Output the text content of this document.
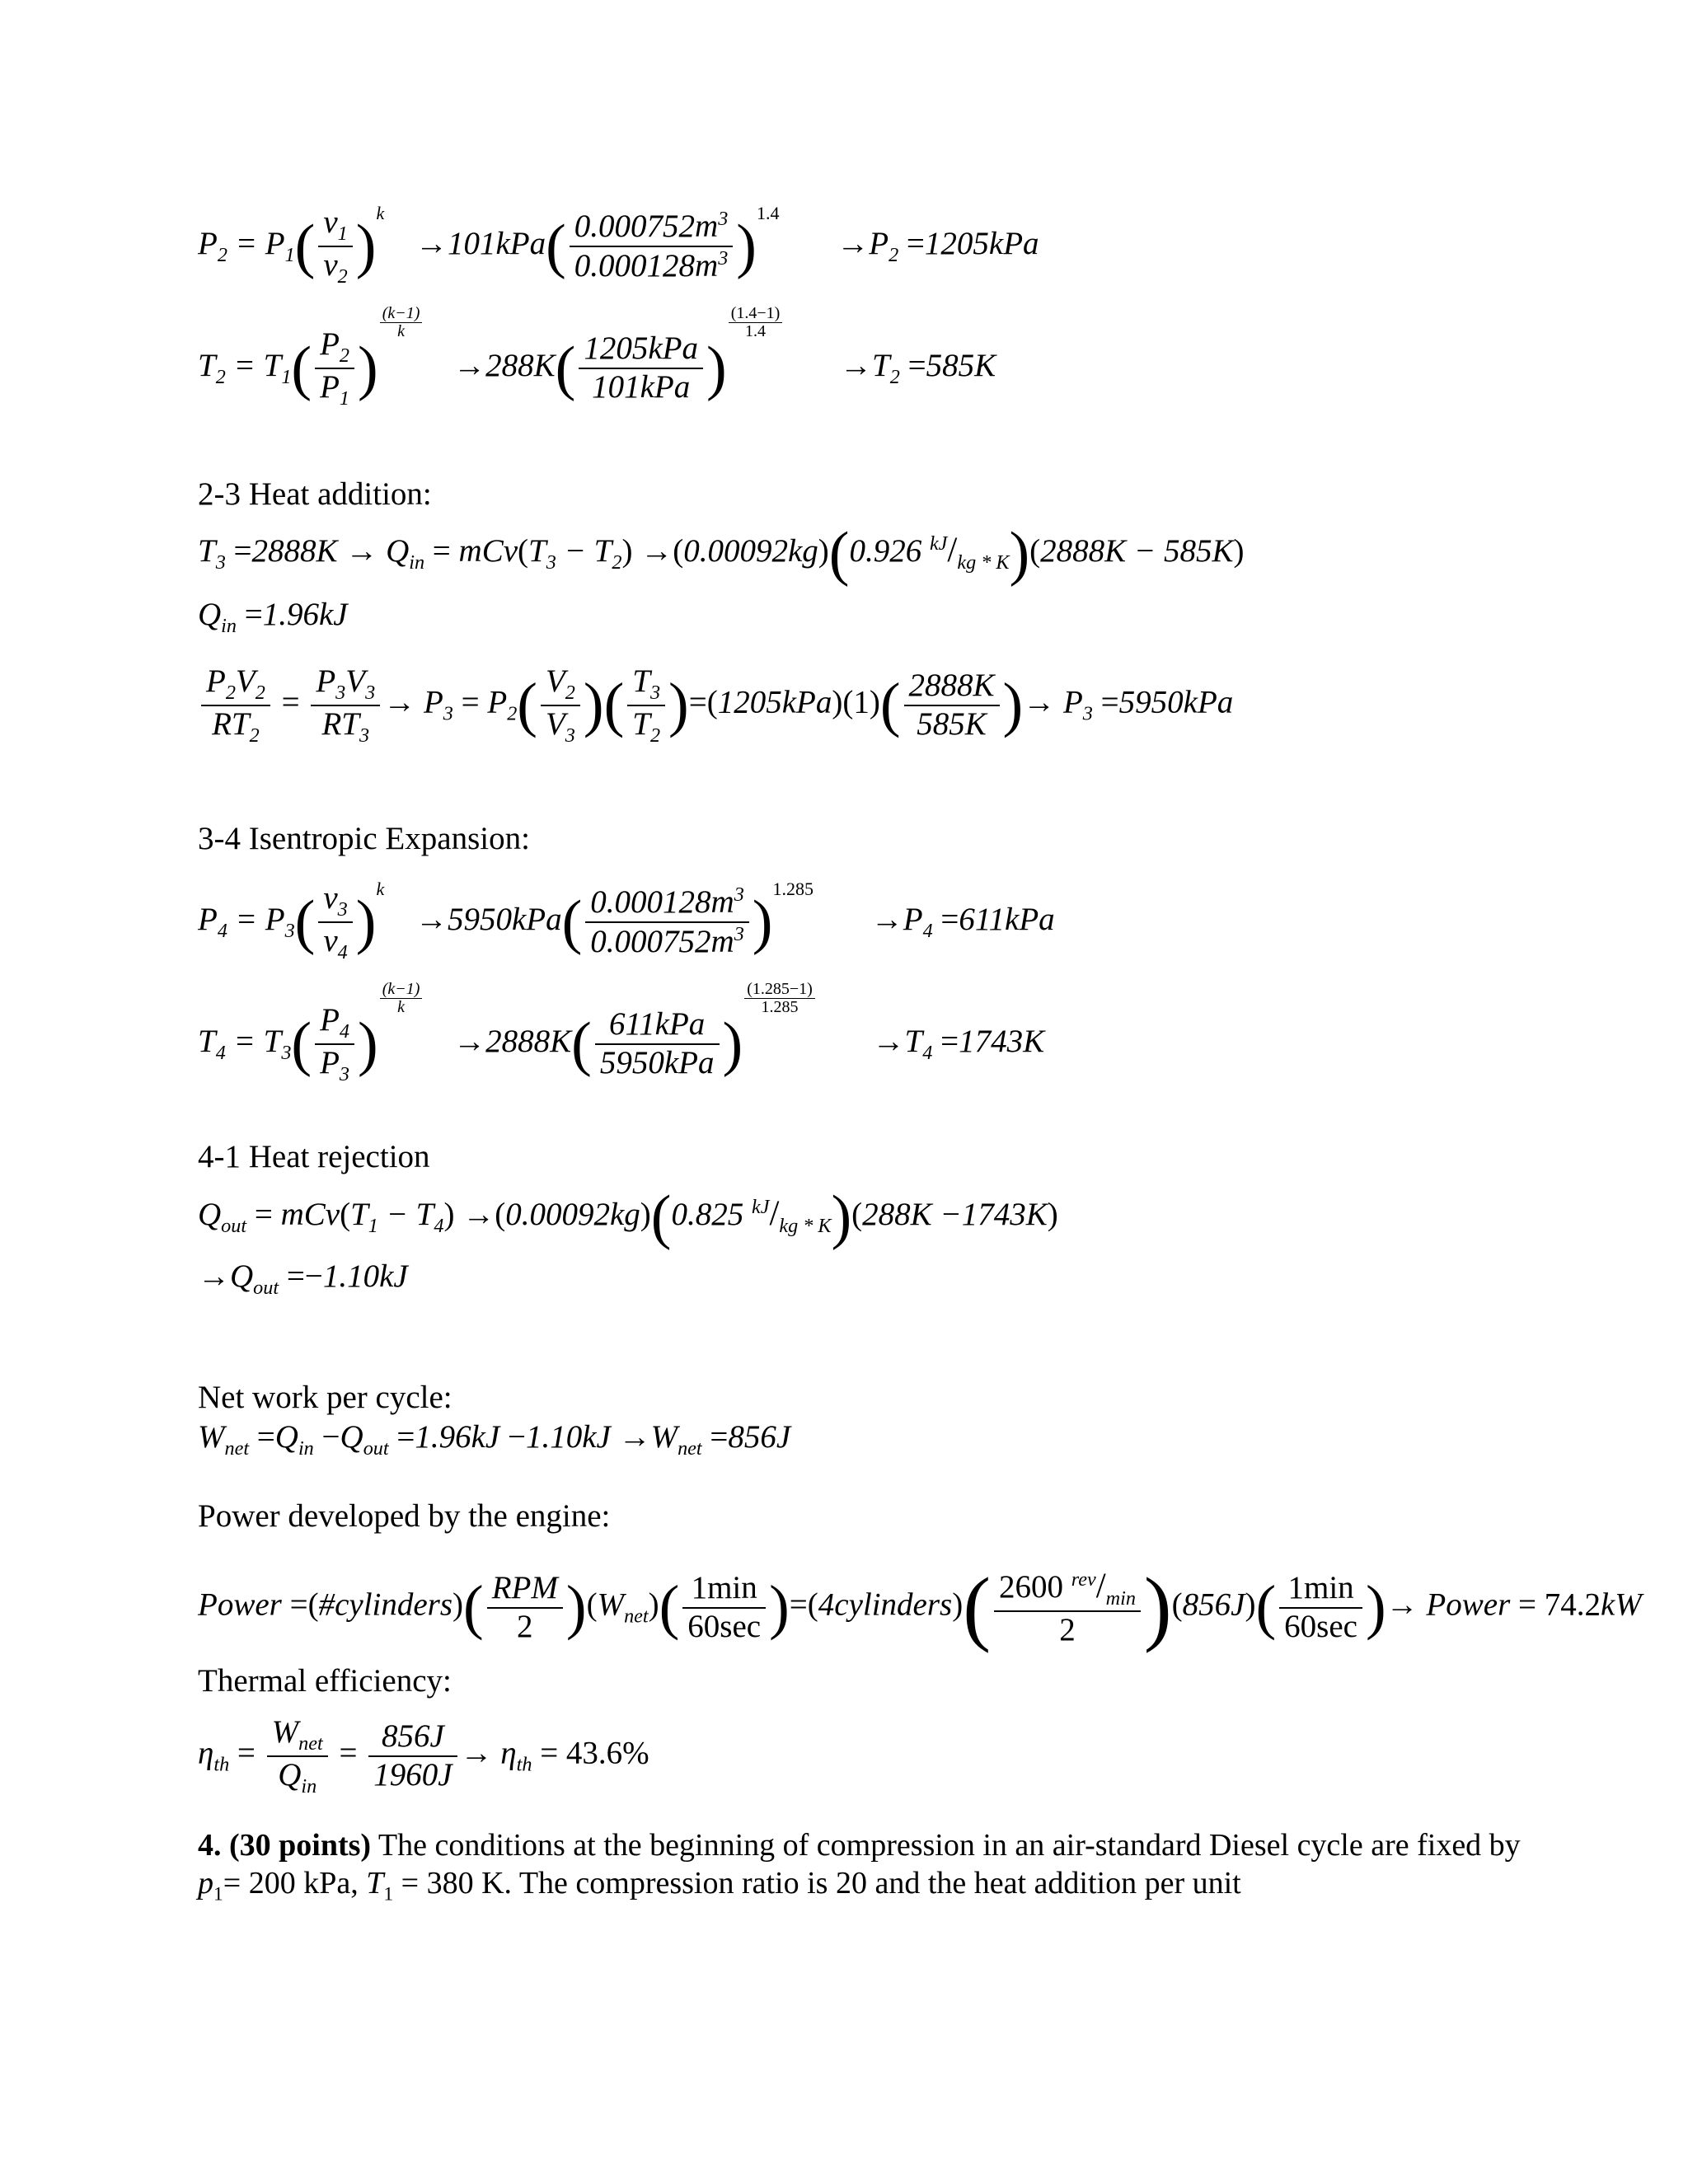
$P_2 = P_1( \frac{v_1}{v_2} )^k \to 101kPa( \frac{0.000752m^3}{0.000128m^3} )^{1.4} \to P_2 =1205kPa$
$T_2 = T_1( \frac{P_2}{P_1}$ )
$\frac{(k-1)}{k}$
$\to 288K( \frac{\text{1205kPa}}{\text{101kPa}}$ )
$\frac{(1.4-1)}{1.4}$
$\to T_2 =585K$
2-3 Heat addition:
$T_3 =2888K \to Q_{in} = mCv(T_3 - T_2) \to(0.00092kg)(0.926$ $^{kJ}/_{kg * K})(2888K - 585K)$
$Q_{in} =1.96kJ$
$\frac{P_2V_2}{RT_2} = \frac{P_3V_3}{RT_3} \to P_3 = P_2( \frac{V_2}{V_3}$ )( $\frac{T_3}{T_2} )=(1205kPa)(1)( \frac{2888K}{585K}$ )→ $P_3 =5950kPa$
3-4 Isentropic Expansion:
$P_4 = P_3( \frac{v_3}{v_4} )^k \to 5950kPa( \frac{0.000128m^3}{0.000752m^3} )^{1.285} \to P_4 =611kPa$
$T_4 = T_3( \frac{P_4}{P_3}$ )
$\frac{(k-1)}{k}$
$\to 2888K( \frac{\text{611kPa}}{\text{5950kPa}}$ )
$\frac{(1.285-1)}{1.285}$
$\to T_4 =1743K$
4-1 Heat rejection
$Q_{out} = mCv(T_1 - T_4) \to(0.00092kg)(0.825$ $^{kJ}/_{kg * K})(288K -1743K)$
$\to Q_{out} =-1.10kJ$
Net work per cycle:
$W_{net} =Q_{in} -Q_{out} =1.96kJ -1.10kJ \to W_{net} =856J$
Power developed by the engine:
Power =(#cylinders)( $\frac{\text{RPM}}{2} )(W_{net})( \frac{1\min}{60\sec}$ )=(4cylinders)( $\frac{2600 ^{rev}/_{min}}{2} )(856J)( \frac{1\min}{60\sec}$ )→ Power = 74.2kW
Thermal efficiency:
$\eta_{th} = \frac{W_{net}}{Q_{in}} = \frac{856J}{1960J} \to \eta_{th} = 43.6\%$
4. (30 points) The conditions at the beginning of compression in an air-standard Diesel cycle are fixed by $p_1= 200$ kPa, $T_1 = 380$ K. The compression ratio is 20 and the heat addition per unit
